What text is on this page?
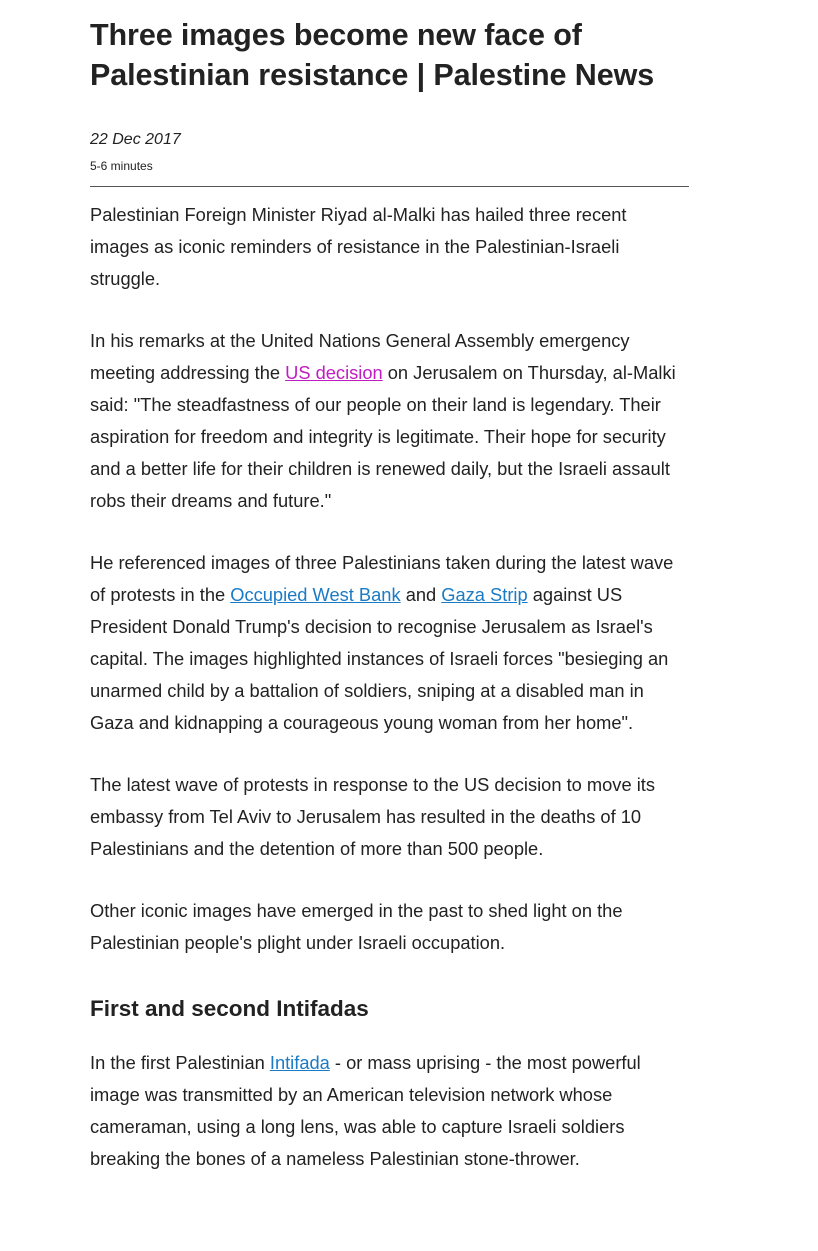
Three images become new face of Palestinian resistance | Palestine News
22 Dec 2017
5-6 minutes

Palestinian Foreign Minister Riyad al-Malki has hailed three recent images as iconic reminders of resistance in the Palestinian-Israeli struggle.

In his remarks at the United Nations General Assembly emergency meeting addressing the US decision on Jerusalem on Thursday, al-Malki said: "The steadfastness of our people on their land is legendary. Their aspiration for freedom and integrity is legitimate. Their hope for security and a better life for their children is renewed daily, but the Israeli assault robs their dreams and future."

He referenced images of three Palestinians taken during the latest wave of protests in the Occupied West Bank and Gaza Strip against US President Donald Trump's decision to recognise Jerusalem as Israel's capital. The images highlighted instances of Israeli forces "besieging an unarmed child by a battalion of soldiers, sniping at a disabled man in Gaza and kidnapping a courageous young woman from her home".

The latest wave of protests in response to the US decision to move its embassy from Tel Aviv to Jerusalem has resulted in the deaths of 10 Palestinians and the detention of more than 500 people.

Other iconic images have emerged in the past to shed light on the Palestinian people's plight under Israeli occupation.

First and second Intifadas

In the first Palestinian Intifada - or mass uprising - the most powerful image was transmitted by an American television network whose cameraman, using a long lens, was able to capture Israeli soldiers breaking the bones of a nameless Palestinian stone-thrower.
